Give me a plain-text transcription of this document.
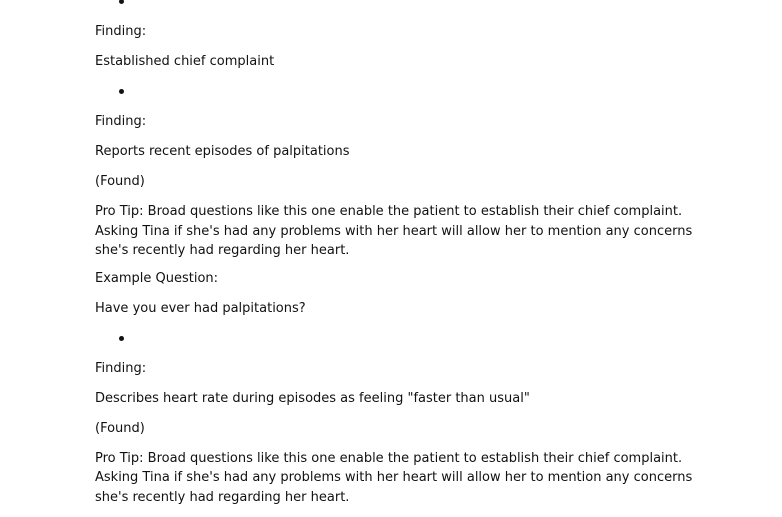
Finding:

Established chief complaint

Finding:

Reports recent episodes of palpitations

(Found)

Pro Tip: Broad questions like this one enable the patient to establish their chief complaint. Asking Tina if she's had any problems with her heart will allow her to mention any concerns she's recently had regarding her heart.

Example Question:

Have you ever had palpitations?

Finding:

Describes heart rate during episodes as feeling "faster than usual"

(Found)

Pro Tip: Broad questions like this one enable the patient to establish their chief complaint. Asking Tina if she's had any problems with her heart will allow her to mention any concerns she's recently had regarding her heart.
